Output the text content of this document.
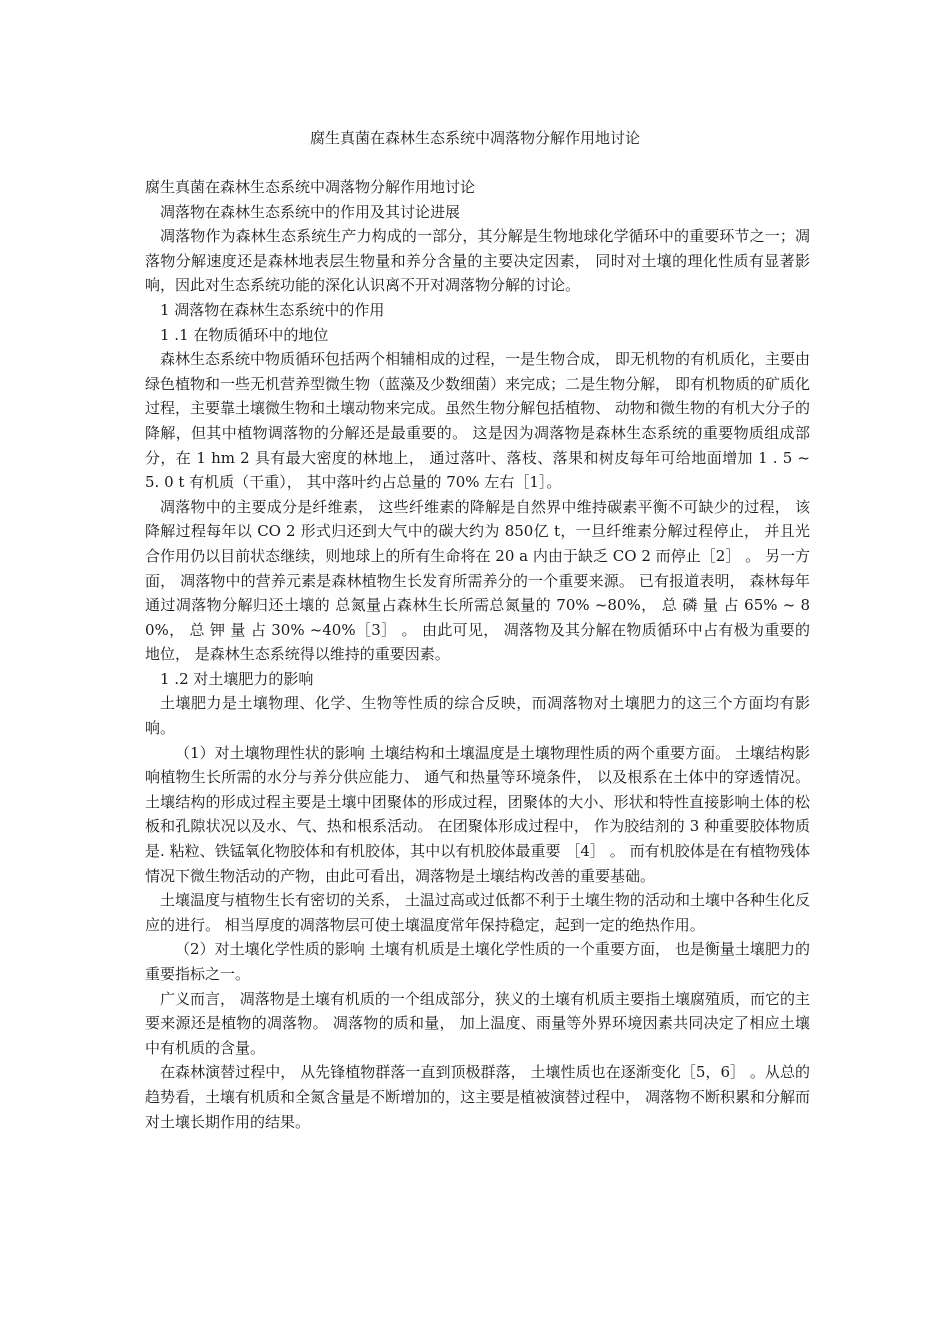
腐生真菌在森林生态系统中凋落物分解作用地讨论

腐生真菌在森林生态系统中凋落物分解作用地讨论

凋落物在森林生态系统中的作用及其讨论进展

凋落物作为森林生态系统生产力构成的一部分，其分解是生物地球化学循环中的重要环节之一；凋落物分解速度还是森林地表层生物量和养分含量的主要决定因素， 同时对土壤的理化性质有显著影响，因此对生态系统功能的深化认识离不开对凋落物分解的讨论。

1 凋落物在森林生态系统中的作用

1 .1 在物质循环中的地位

森林生态系统中物质循环包括两个相辅相成的过程，一是生物合成， 即无机物的有机质化，主要由绿色植物和一些无机营养型微生物（蓝藻及少数细菌）来完成；二是生物分解， 即有机物质的矿质化过程，主要靠土壤微生物和土壤动物来完成。虽然生物分解包括植物、 动物和微生物的有机大分子的降解，但其中植物调落物的分解还是最重要的。 这是因为凋落物是森林生态系统的重要物质组成部分，在 1 hm 2 具有最大密度的林地上， 通过落叶、落枝、落果和树皮每年可给地面增加 1 . 5 ~ 5. 0 t 有机质（干重）， 其中落叶约占总量的 70% 左右［1］。

凋落物中的主要成分是纤维素， 这些纤维素的降解是自然界中维持碳素平衡不可缺少的过程， 该降解过程每年以 CO 2 形式归还到大气中的碳大约为 850亿 t，一旦纤维素分解过程停止， 并且光合作用仍以目前状态继续，则地球上的所有生命将在 20 a 内由于缺乏 CO 2 而停止［2］ 。 另一方面， 凋落物中的营养元素是森林植物生长发育所需养分的一个重要来源。 已有报道表明， 森林每年通过凋落物分解归还土壤的 总氮量占森林生长所需总氮量的 70% ~80%， 总 磷 量 占 65% ~ 80%， 总 钾 量 占 30% ~40%［3］ 。 由此可见， 凋落物及其分解在物质循环中占有极为重要的地位， 是森林生态系统得以维持的重要因素。

1 .2 对土壤肥力的影响

土壤肥力是土壤物理、化学、生物等性质的综合反映，而凋落物对土壤肥力的这三个方面均有影响。

（1）对土壤物理性状的影响 土壤结构和土壤温度是土壤物理性质的两个重要方面。 土壤结构影响植物生长所需的水分与养分供应能力、 通气和热量等环境条件， 以及根系在土体中的穿透情况。 土壤结构的形成过程主要是土壤中团聚体的形成过程，团聚体的大小、形状和特性直接影响土体的松板和孔隙状况以及水、气、热和根系活动。 在团聚体形成过程中， 作为胶结剂的 3 种重要胶体物质是. 粘粒、铁锰氧化物胶体和有机胶体，其中以有机胶体最重要 ［4］ 。 而有机胶体是在有植物残体情况下微生物活动的产物，由此可看出，凋落物是土壤结构改善的重要基础。

土壤温度与植物生长有密切的关系， 土温过高或过低都不利于土壤生物的活动和土壤中各种生化反应的进行。 相当厚度的凋落物层可使土壤温度常年保持稳定，起到一定的绝热作用。

（2）对土壤化学性质的影响 土壤有机质是土壤化学性质的一个重要方面， 也是衡量土壤肥力的重要指标之一。

广义而言， 凋落物是土壤有机质的一个组成部分，狭义的土壤有机质主要指土壤腐殖质，而它的主要来源还是植物的凋落物。 凋落物的质和量， 加上温度、雨量等外界环境因素共同决定了相应土壤中有机质的含量。

在森林演替过程中， 从先锋植物群落一直到顶极群落， 土壤性质也在逐渐变化［5，6］ 。从总的趋势看，土壤有机质和全氮含量是不断增加的，这主要是植被演替过程中， 凋落物不断积累和分解而对土壤长期作用的结果。
